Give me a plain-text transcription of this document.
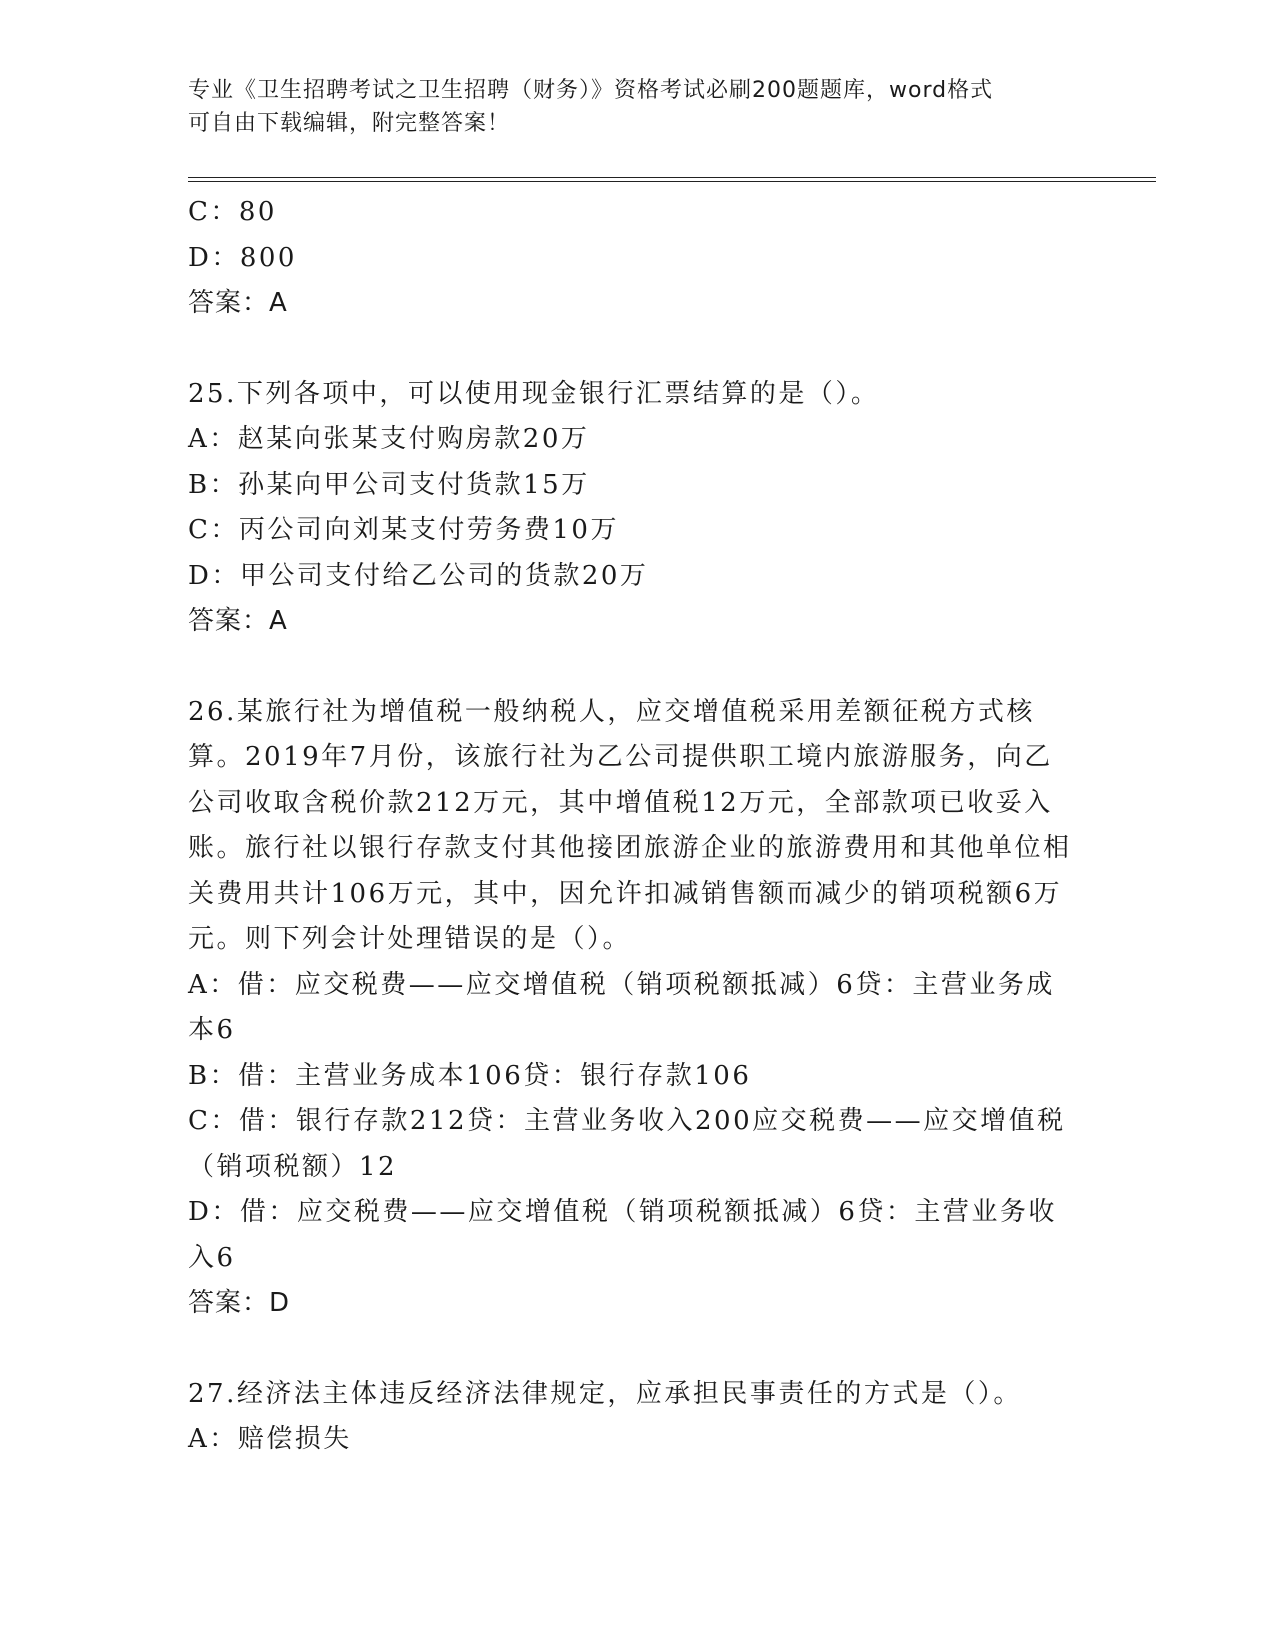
专业《卫生招聘考试之卫生招聘（财务）》资格考试必刷200题题库，word格式
可自由下载编辑，附完整答案！
C：80
D：800
答案：A
25.下列各项中，可以使用现金银行汇票结算的是（）。
A：赵某向张某支付购房款20万
B：孙某向甲公司支付货款15万
C：丙公司向刘某支付劳务费10万
D：甲公司支付给乙公司的货款20万
答案：A
26.某旅行社为增值税一般纳税人，应交增值税采用差额征税方式核算。2019年7月份，该旅行社为乙公司提供职工境内旅游服务，向乙公司收取含税价款212万元，其中增值税12万元，全部款项已收妥入账。旅行社以银行存款支付其他接团旅游企业的旅游费用和其他单位相关费用共计106万元，其中，因允许扣减销售额而减少的销项税额6万元。则下列会计处理错误的是（）。
A：借：应交税费——应交增值税（销项税额抵减）6贷：主营业务成本6
B：借：主营业务成本106贷：银行存款106
C：借：银行存款212贷：主营业务收入200应交税费——应交增值税（销项税额）12
D：借：应交税费——应交增值税（销项税额抵减）6贷：主营业务收入6
答案：D
27.经济法主体违反经济法律规定，应承担民事责任的方式是（）。
A：赔偿损失
